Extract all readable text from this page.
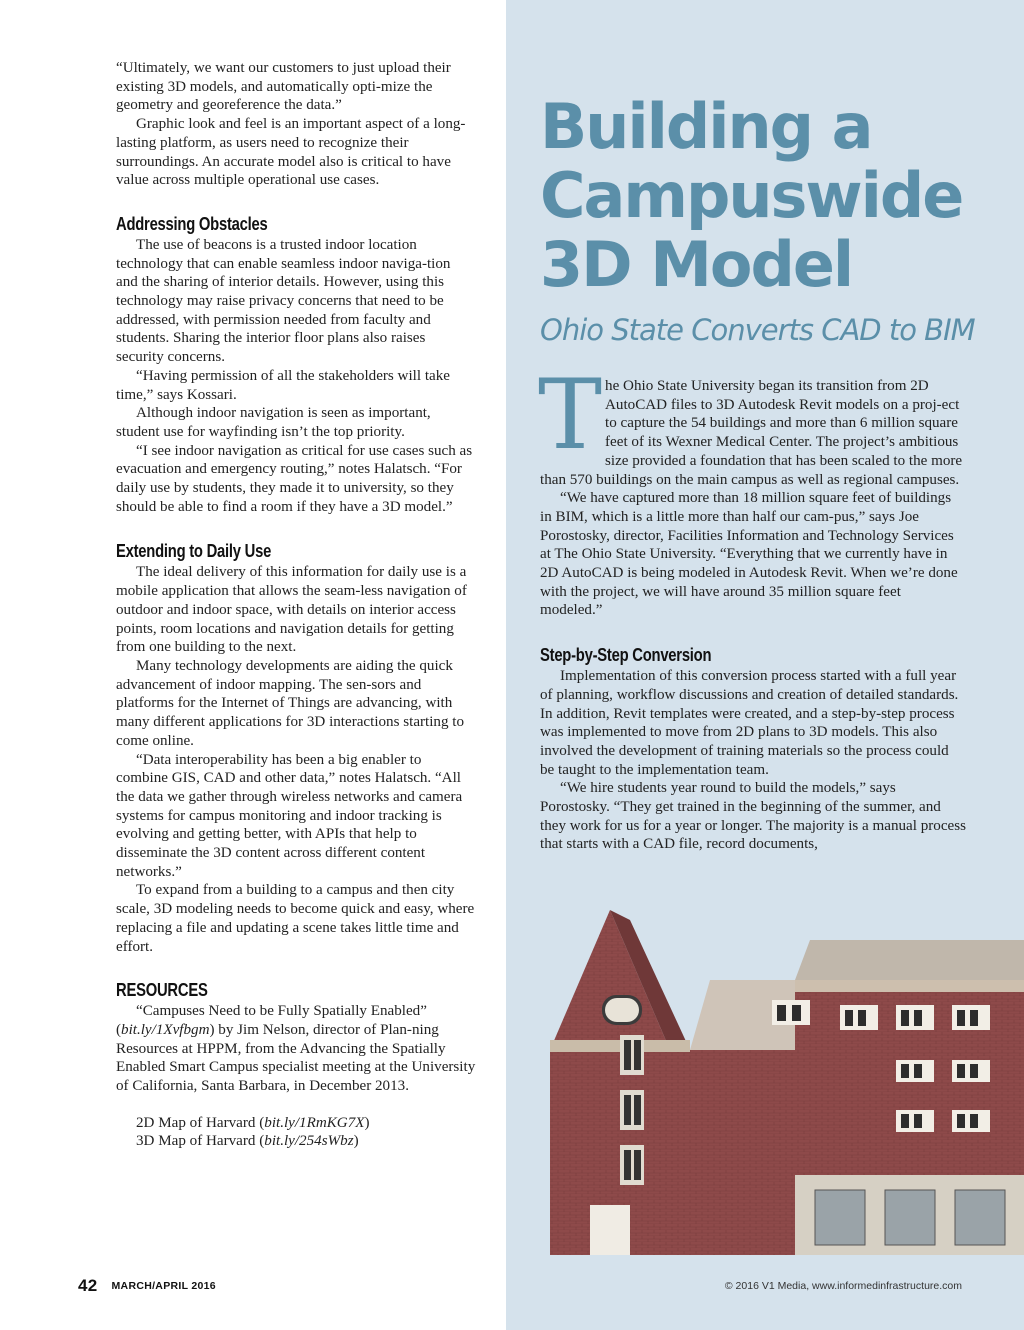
“Ultimately, we want our customers to just upload their existing 3D models, and automatically opti-mize the geometry and georeference the data.”

Graphic look and feel is an important aspect of a long-lasting platform, as users need to recognize their surroundings. An accurate model also is critical to have value across multiple operational use cases.

Addressing Obstacles

The use of beacons is a trusted indoor location technology that can enable seamless indoor naviga-tion and the sharing of interior details. However, using this technology may raise privacy concerns that need to be addressed, with permission needed from faculty and students. Sharing the interior floor plans also raises security concerns.

“Having permission of all the stakeholders will take time,” says Kossari.

Although indoor navigation is seen as important, student use for wayfinding isn’t the top priority.

“I see indoor navigation as critical for use cases such as evacuation and emergency routing,” notes Halatsch. “For daily use by students, they made it to university, so they should be able to find a room if they have a 3D model.”

Extending to Daily Use

The ideal delivery of this information for daily use is a mobile application that allows the seam-less navigation of outdoor and indoor space, with details on interior access points, room locations and navigation details for getting from one building to the next.

Many technology developments are aiding the quick advancement of indoor mapping. The sen-sors and platforms for the Internet of Things are advancing, with many different applications for 3D interactions starting to come online.

“Data interoperability has been a big enabler to combine GIS, CAD and other data,” notes Halatsch. “All the data we gather through wireless networks and camera systems for campus monitoring and indoor tracking is evolving and getting better, with APIs that help to disseminate the 3D content across different content networks.”

To expand from a building to a campus and then city scale, 3D modeling needs to become quick and easy, where replacing a file and updating a scene takes little time and effort.

RESOURCES

“Campuses Need to be Fully Spatially Enabled” (bit.ly/1Xvfbgm) by Jim Nelson, director of Plan-ning Resources at HPPM, from the Advancing the Spatially Enabled Smart Campus specialist meeting at the University of California, Santa Barbara, in December 2013.

2D Map of Harvard (bit.ly/1RmKG7X)

3D Map of Harvard (bit.ly/254sWbz)

Building a Campuswide 3D Model
Ohio State Converts CAD to BIM

The Ohio State University began its transition from 2D AutoCAD files to 3D Autodesk Revit models on a proj-ect to capture the 54 buildings and more than 6 million square feet of its Wexner Medical Center. The project’s ambitious size provided a foundation that has been scaled to the more than 570 buildings on the main campus as well as regional campuses.

“We have captured more than 18 million square feet of buildings in BIM, which is a little more than half our cam-pus,” says Joe Porostosky, director, Facilities Information and Technology Services at The Ohio State University. “Everything that we currently have in 2D AutoCAD is being modeled in Autodesk Revit. When we’re done with the project, we will have around 35 million square feet modeled.”

Step-by-Step Conversion

Implementation of this conversion process started with a full year of planning, workflow discussions and creation of detailed standards. In addition, Revit templates were created, and a step-by-step process was implemented to move from 2D plans to 3D models. This also involved the development of training materials so the process could be taught to the implementation team.

“We hire students year round to build the models,” says Porostosky. “They get trained in the beginning of the summer, and they work for us for a year or longer. The majority is a manual process that starts with a CAD file, record documents,

42 MARCH/APRIL 2016	© 2016 V1 Media, www.informedinfrastructure.com
